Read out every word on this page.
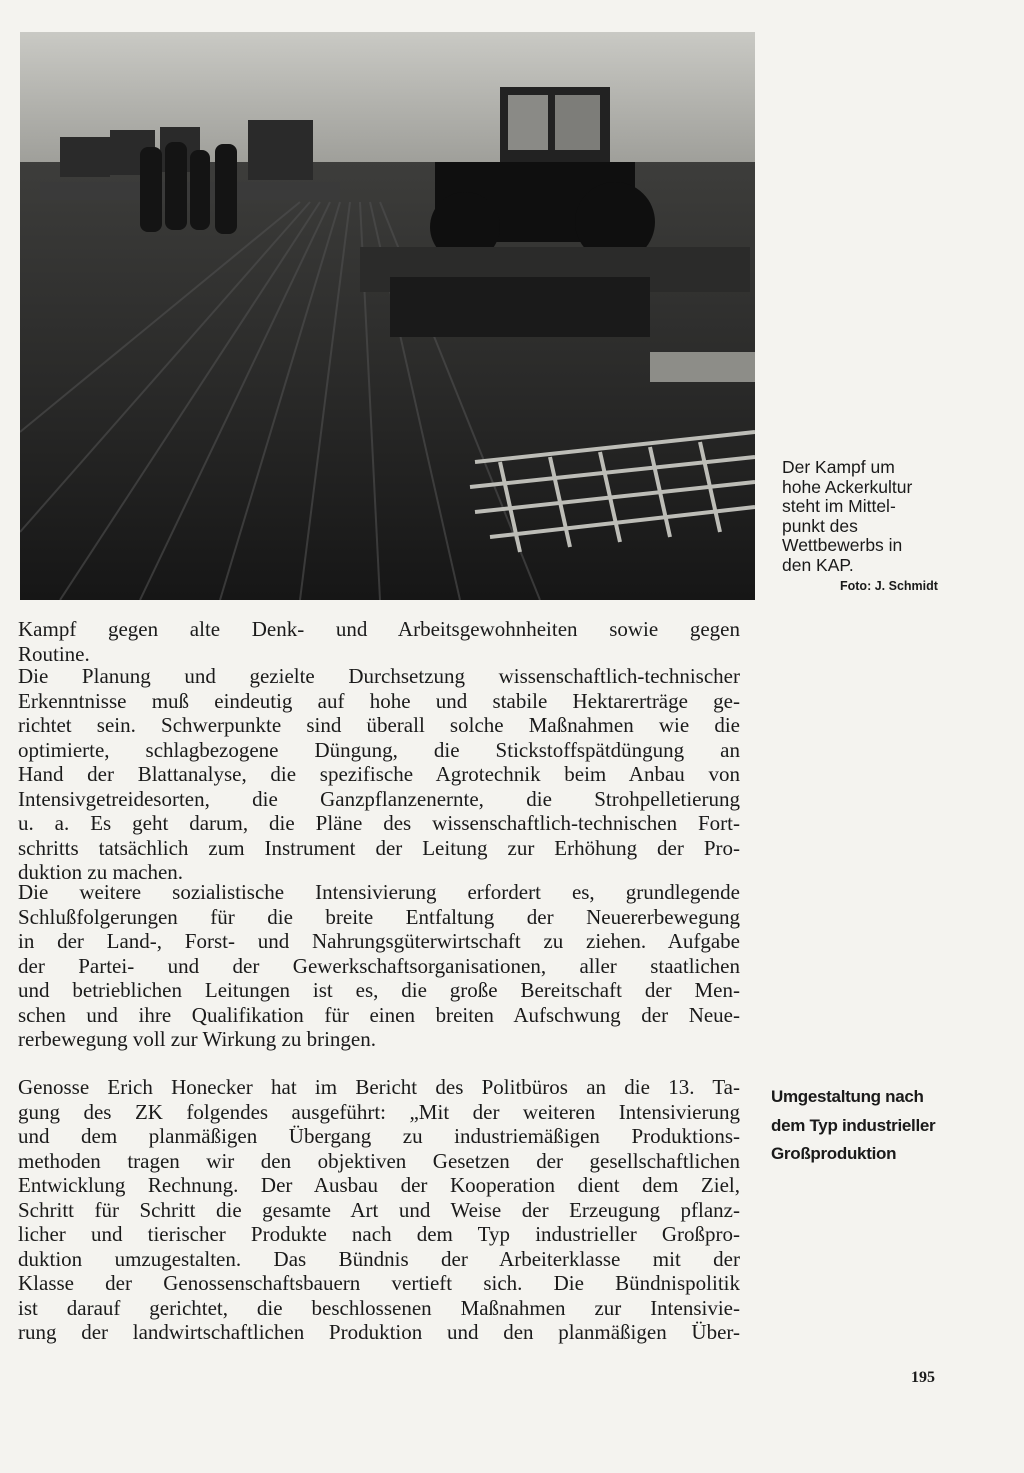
Der Kampf um
hohe Ackerkultur
steht im Mittel-
punkt des
Wettbewerbs in
den KAP.
Foto: J. Schmidt
Kampf gegen alte Denk- und Arbeitsgewohnheiten sowie gegen
Routine.
Die Planung und gezielte Durchsetzung wissenschaftlich-technischer
Erkenntnisse muß eindeutig auf hohe und stabile Hektarerträge ge-
richtet sein. Schwerpunkte sind überall solche Maßnahmen wie die
optimierte, schlagbezogene Düngung, die Stickstoffspätdüngung an
Hand der Blattanalyse, die spezifische Agrotechnik beim Anbau von
Intensivgetreidesorten, die Ganzpflanzenernte, die Strohpelletierung
u. a. Es geht darum, die Pläne des wissenschaftlich-technischen Fort-
schritts tatsächlich zum Instrument der Leitung zur Erhöhung der Pro-
duktion zu machen.
Die weitere sozialistische Intensivierung erfordert es, grundlegende
Schlußfolgerungen für die breite Entfaltung der Neuererbewegung
in der Land-, Forst- und Nahrungsgüterwirtschaft zu ziehen. Aufgabe
der Partei- und der Gewerkschaftsorganisationen, aller staatlichen
und betrieblichen Leitungen ist es, die große Bereitschaft der Men-
schen und ihre Qualifikation für einen breiten Aufschwung der Neue-
rerbewegung voll zur Wirkung zu bringen.
Genosse Erich Honecker hat im Bericht des Politbüros an die 13. Ta-
gung des ZK folgendes ausgeführt: „Mit der weiteren Intensivierung
und dem planmäßigen Übergang zu industriemäßigen Produktions-
methoden tragen wir den objektiven Gesetzen der gesellschaftlichen
Entwicklung Rechnung. Der Ausbau der Kooperation dient dem Ziel,
Schritt für Schritt die gesamte Art und Weise der Erzeugung pflanz-
licher und tierischer Produkte nach dem Typ industrieller Großpro-
duktion umzugestalten. Das Bündnis der Arbeiterklasse mit der
Klasse der Genossenschaftsbauern vertieft sich. Die Bündnispolitik
ist darauf gerichtet, die beschlossenen Maßnahmen zur Intensivie-
rung der landwirtschaftlichen Produktion und den planmäßigen Über-
Umgestaltung nach
dem Typ industrieller
Großproduktion
195
